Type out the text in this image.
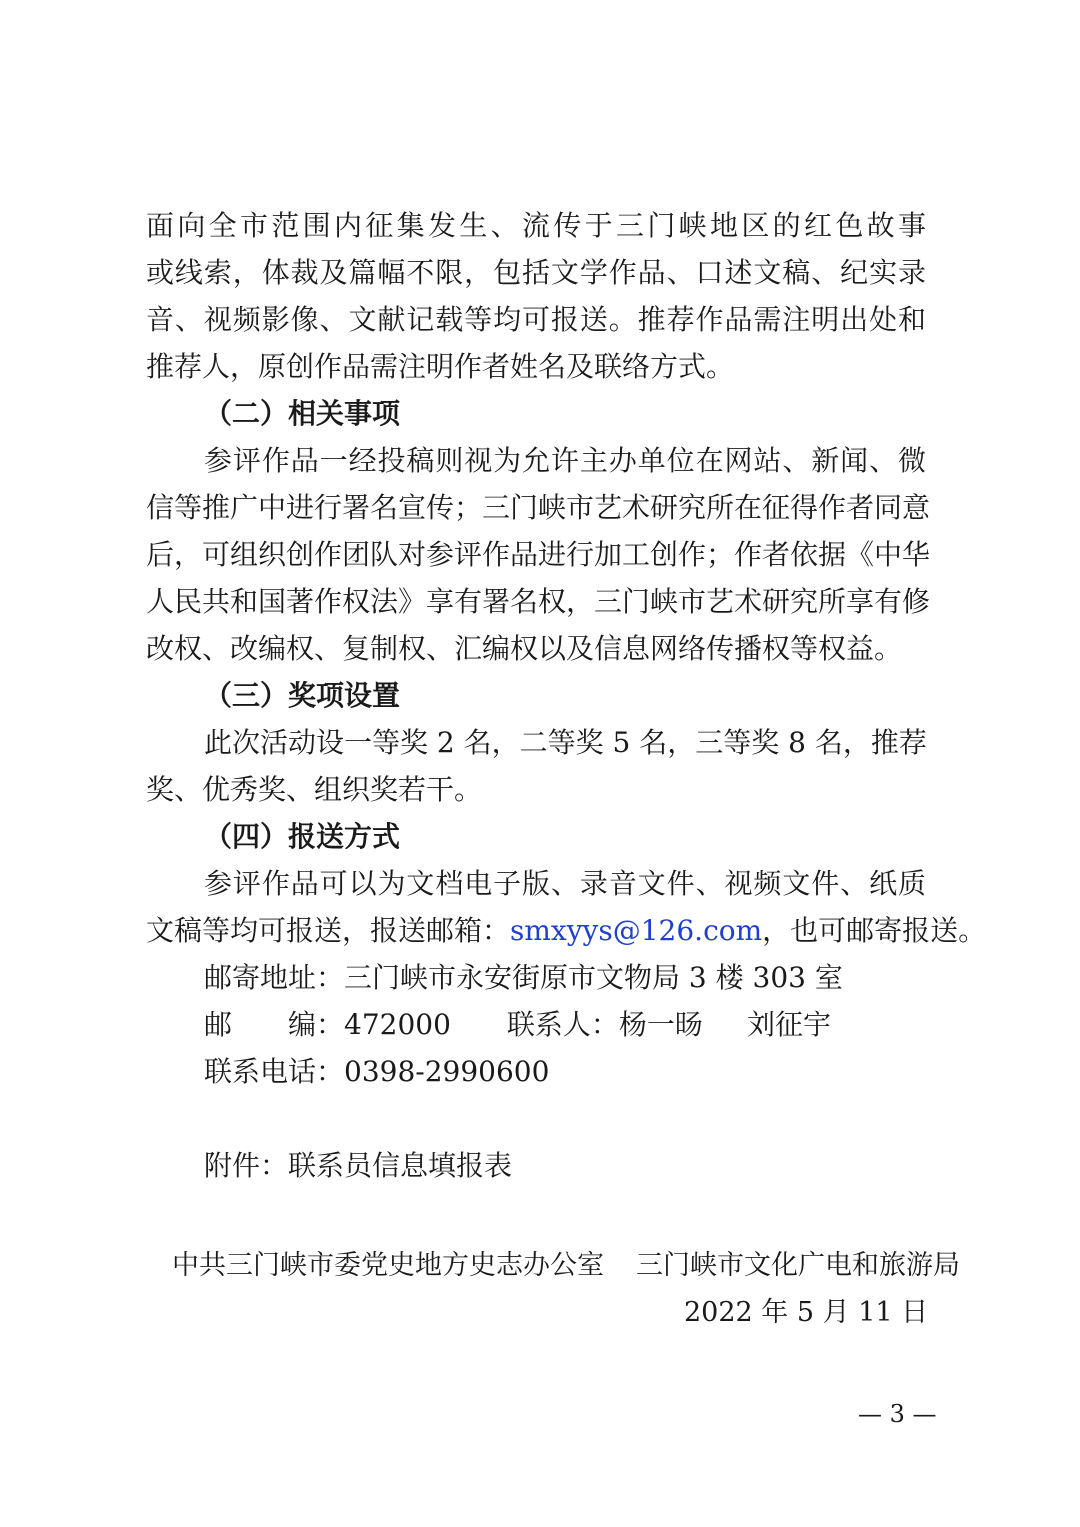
面向全市范围内征集发生、流传于三门峡地区的红色故事
或线索，体裁及篇幅不限，包括文学作品、口述文稿、纪实录
音、视频影像、文献记载等均可报送。推荐作品需注明出处和
推荐人，原创作品需注明作者姓名及联络方式。
（二）相关事项
参评作品一经投稿则视为允许主办单位在网站、新闻、微
信等推广中进行署名宣传；三门峡市艺术研究所在征得作者同意
后，可组织创作团队对参评作品进行加工创作；作者依据《中华
人民共和国著作权法》享有署名权，三门峡市艺术研究所享有修
改权、改编权、复制权、汇编权以及信息网络传播权等权益。
（三）奖项设置
此次活动设一等奖 2 名，二等奖 5 名，三等奖 8 名，推荐
奖、优秀奖、组织奖若干。
（四）报送方式
参评作品可以为文档电子版、录音文件、视频文件、纸质
文稿等均可报送，报送邮箱：smxyys@126.com，也可邮寄报送。
邮寄地址：三门峡市永安街原市文物局 3 楼 303 室
邮　　编：472000 联系人：杨一旸 刘征宇
联系电话：0398-2990600
附件：联系员信息填报表
中共三门峡市委党史地方史志办公室 三门峡市文化广电和旅游局
2022 年 5 月 11 日
— 3 —
